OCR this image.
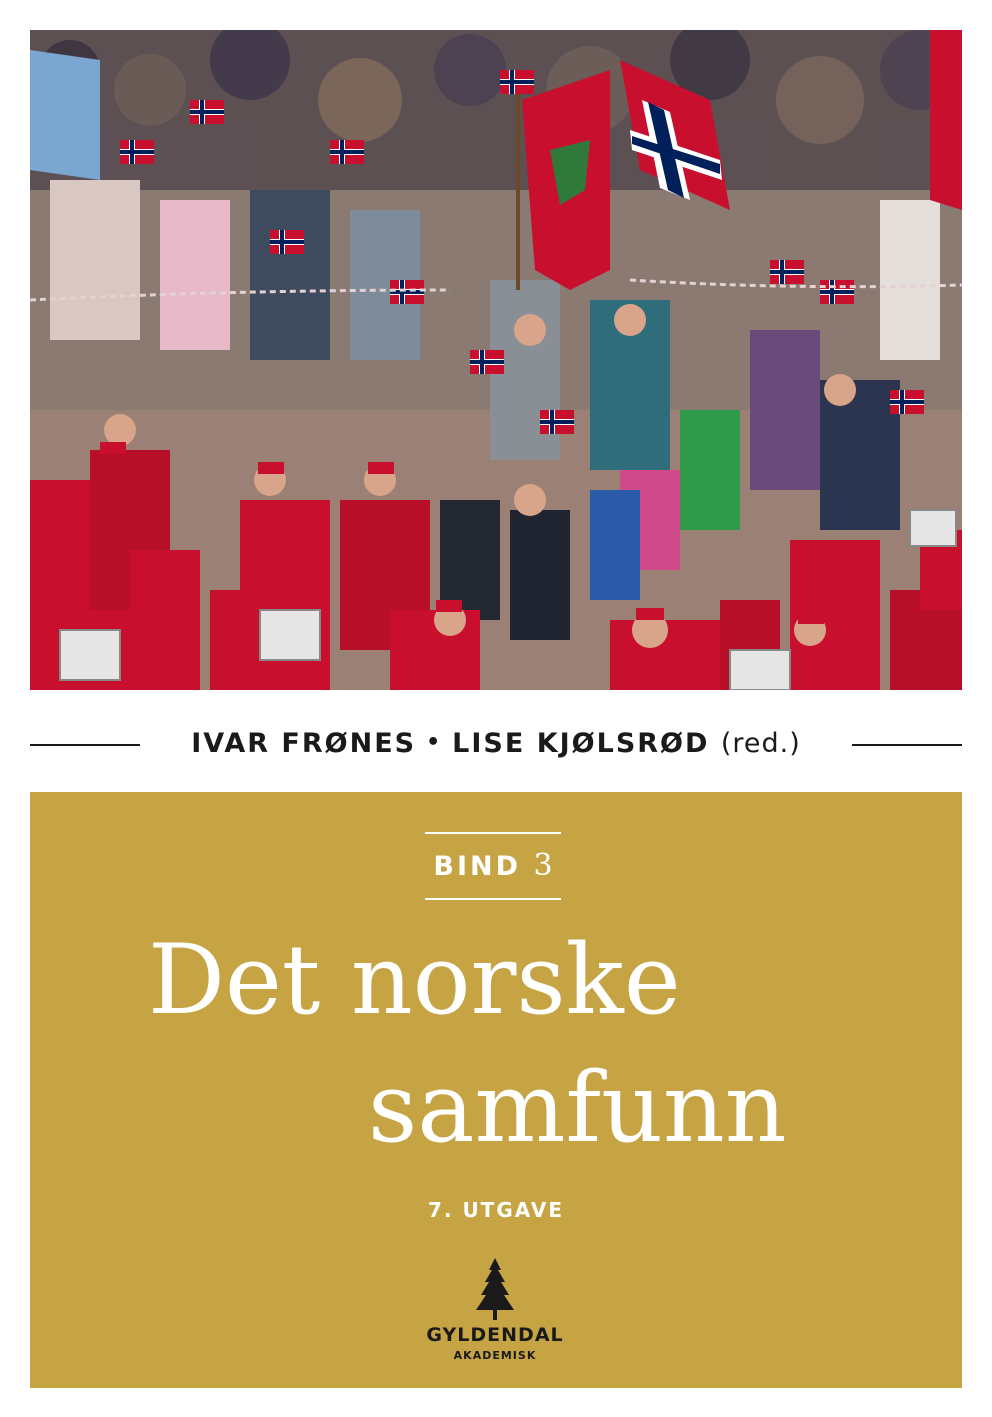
IVAR FRØNES • LISE KJØLSRØD (red.)
BIND 3
Det norske
samfunn
7. UTGAVE
GYLDENDAL
AKADEMISK
